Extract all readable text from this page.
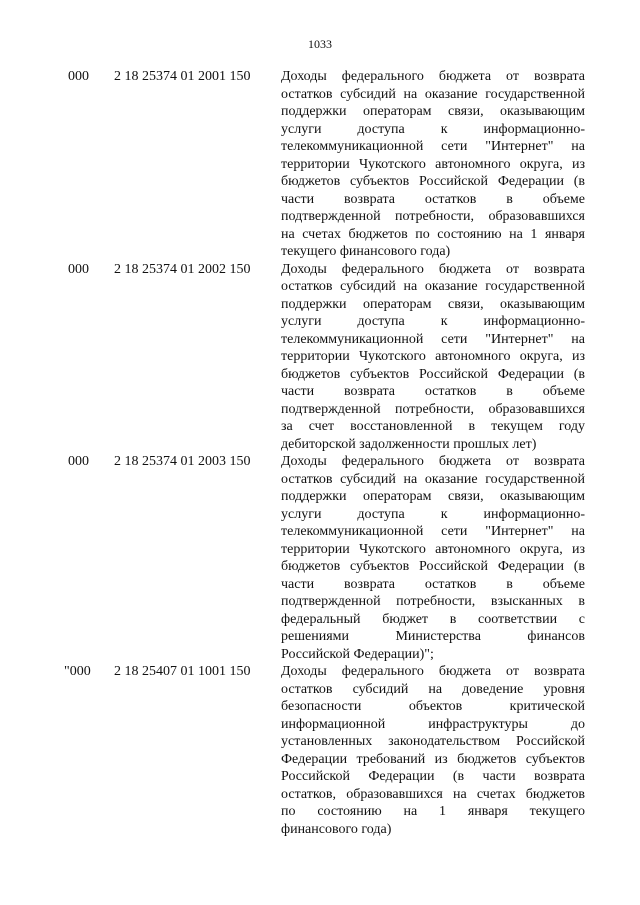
1033
000 2 18 25374 01 2001 150 Доходы федерального бюджета от возврата
остатков субсидий на оказание государственной
поддержки операторам связи, оказывающим
услуги доступа к информационно-
телекоммуникационной сети "Интернет" на
территории Чукотского автономного округа, из
бюджетов субъектов Российской Федерации (в
части возврата остатков в объеме
подтвержденной потребности, образовавшихся
на счетах бюджетов по состоянию на 1 января
текущего финансового года)
000 2 18 25374 01 2002 150 Доходы федерального бюджета от возврата
остатков субсидий на оказание государственной
поддержки операторам связи, оказывающим
услуги доступа к информационно-
телекоммуникационной сети "Интернет" на
территории Чукотского автономного округа, из
бюджетов субъектов Российской Федерации (в
части возврата остатков в объеме
подтвержденной потребности, образовавшихся
за счет восстановленной в текущем году
дебиторской задолженности прошлых лет)
000 2 18 25374 01 2003 150 Доходы федерального бюджета от возврата
остатков субсидий на оказание государственной
поддержки операторам связи, оказывающим
услуги доступа к информационно-
телекоммуникационной сети "Интернет" на
территории Чукотского автономного округа, из
бюджетов субъектов Российской Федерации (в
части возврата остатков в объеме
подтвержденной потребности, взысканных в
федеральный бюджет в соответствии с
решениями Министерства финансов
Российской Федерации)";
"000 2 18 25407 01 1001 150 Доходы федерального бюджета от возврата
остатков субсидий на доведение уровня
безопасности объектов критической
информационной инфраструктуры до
установленных законодательством Российской
Федерации требований из бюджетов субъектов
Российской Федерации (в части возврата
остатков, образовавшихся на счетах бюджетов
по состоянию на 1 января текущего
финансового года)
